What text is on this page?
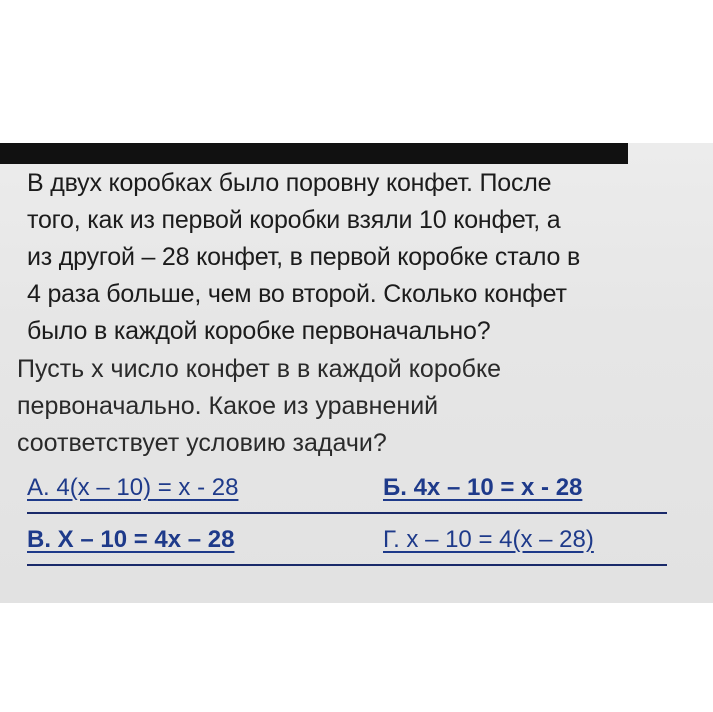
В двух коробках было поровну конфет. После
того, как из первой коробки взяли 10 конфет, а
из другой – 28 конфет, в первой коробке стало в
4 раза больше, чем во второй. Сколько конфет
было в каждой коробке первоначально?
Пусть х число конфет в в каждой коробке
первоначально. Какое из уравнений
соответствует условию задачи?
А. 4(х – 10) = х - 28	Б. 4х – 10 = х - 28
В. Х – 10 = 4х – 28	Г. х – 10 = 4(х – 28)
